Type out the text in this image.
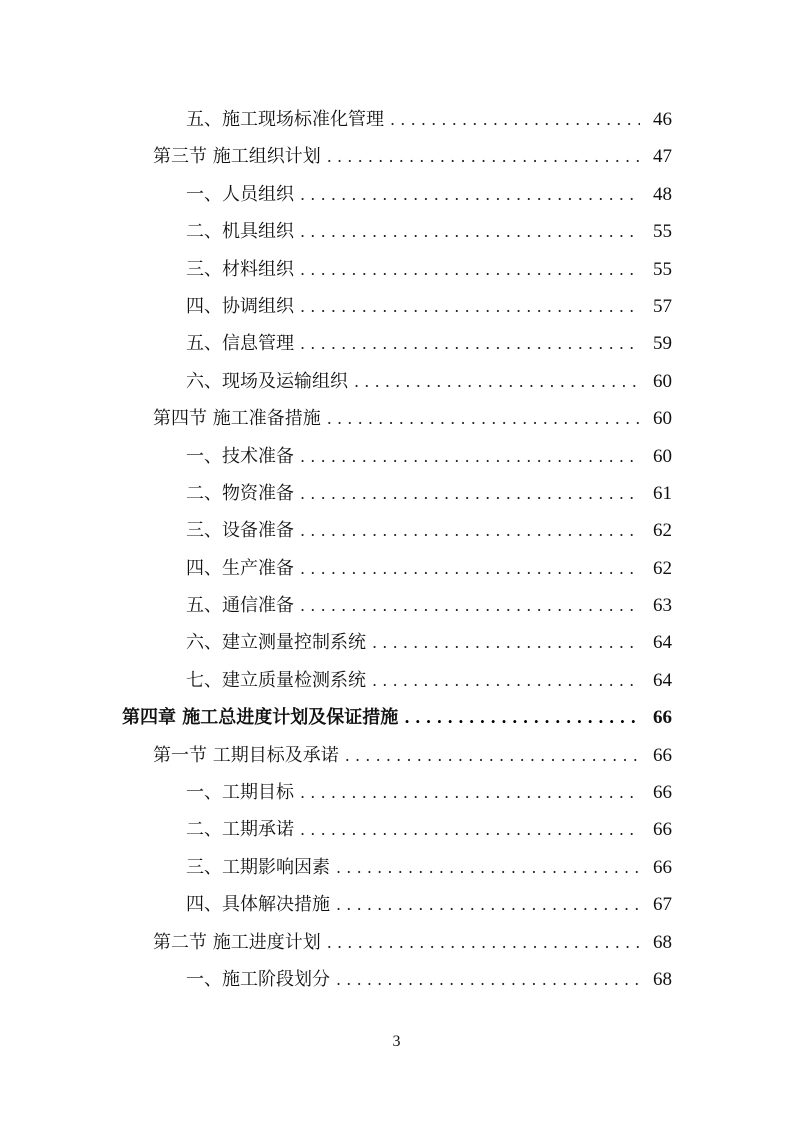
五、施工现场标准化管理 .....	46
第三节 施工组织计划 .....	47
一、人员组织 .....	48
二、机具组织 .....	55
三、材料组织 .....	55
四、协调组织 .....	57
五、信息管理 .....	59
六、现场及运输组织 .....	60
第四节 施工准备措施 .....	60
一、技术准备 .....	60
二、物资准备 .....	61
三、设备准备 .....	62
四、生产准备 .....	62
五、通信准备 .....	63
六、建立测量控制系统 .....	64
七、建立质量检测系统 .....	64
第四章 施工总进度计划及保证措施 .....	66
第一节 工期目标及承诺 .....	66
一、工期目标 .....	66
二、工期承诺 .....	66
三、工期影响因素 .....	66
四、具体解决措施 .....	67
第二节 施工进度计划 .....	68
一、施工阶段划分 .....	68
3
